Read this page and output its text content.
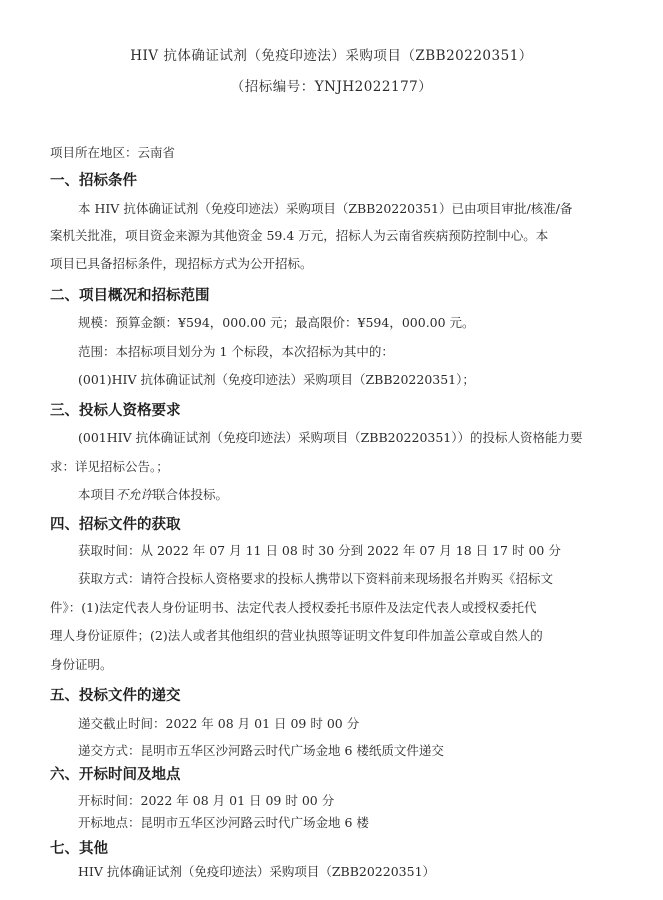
HIV 抗体确证试剂（免疫印迹法）采购项目（ZBB20220351）
（招标编号：YNJH2022177）
项目所在地区：云南省
一、招标条件
本 HIV 抗体确证试剂（免疫印迹法）采购项目（ZBB20220351）已由项目审批/核准/备
案机关批准，项目资金来源为其他资金 59.4 万元，招标人为云南省疾病预防控制中心。本
项目已具备招标条件，现招标方式为公开招标。
二、项目概况和招标范围
规模：预算金额：¥594，000.00 元；最高限价：¥594，000.00 元。
范围：本招标项目划分为 1 个标段，本次招标为其中的：
(001)HIV 抗体确证试剂（免疫印迹法）采购项目（ZBB20220351）；
三、投标人资格要求
(001HIV 抗体确证试剂（免疫印迹法）采购项目（ZBB20220351））的投标人资格能力要
求：详见招标公告。；
本项目不允许联合体投标。
四、招标文件的获取
获取时间：从 2022 年 07 月 11 日 08 时 30 分到 2022 年 07 月 18 日 17 时 00 分
获取方式：请符合投标人资格要求的投标人携带以下资料前来现场报名并购买《招标文
件》：(1)法定代表人身份证明书、法定代表人授权委托书原件及法定代表人或授权委托代
理人身份证原件；(2)法人或者其他组织的营业执照等证明文件复印件加盖公章或自然人的
身份证明。
五、投标文件的递交
递交截止时间：2022 年 08 月 01 日 09 时 00 分
递交方式：昆明市五华区沙河路云时代广场金地 6 楼纸质文件递交
六、开标时间及地点
开标时间：2022 年 08 月 01 日 09 时 00 分
开标地点：昆明市五华区沙河路云时代广场金地 6 楼
七、其他
HIV 抗体确证试剂（免疫印迹法）采购项目（ZBB20220351）
